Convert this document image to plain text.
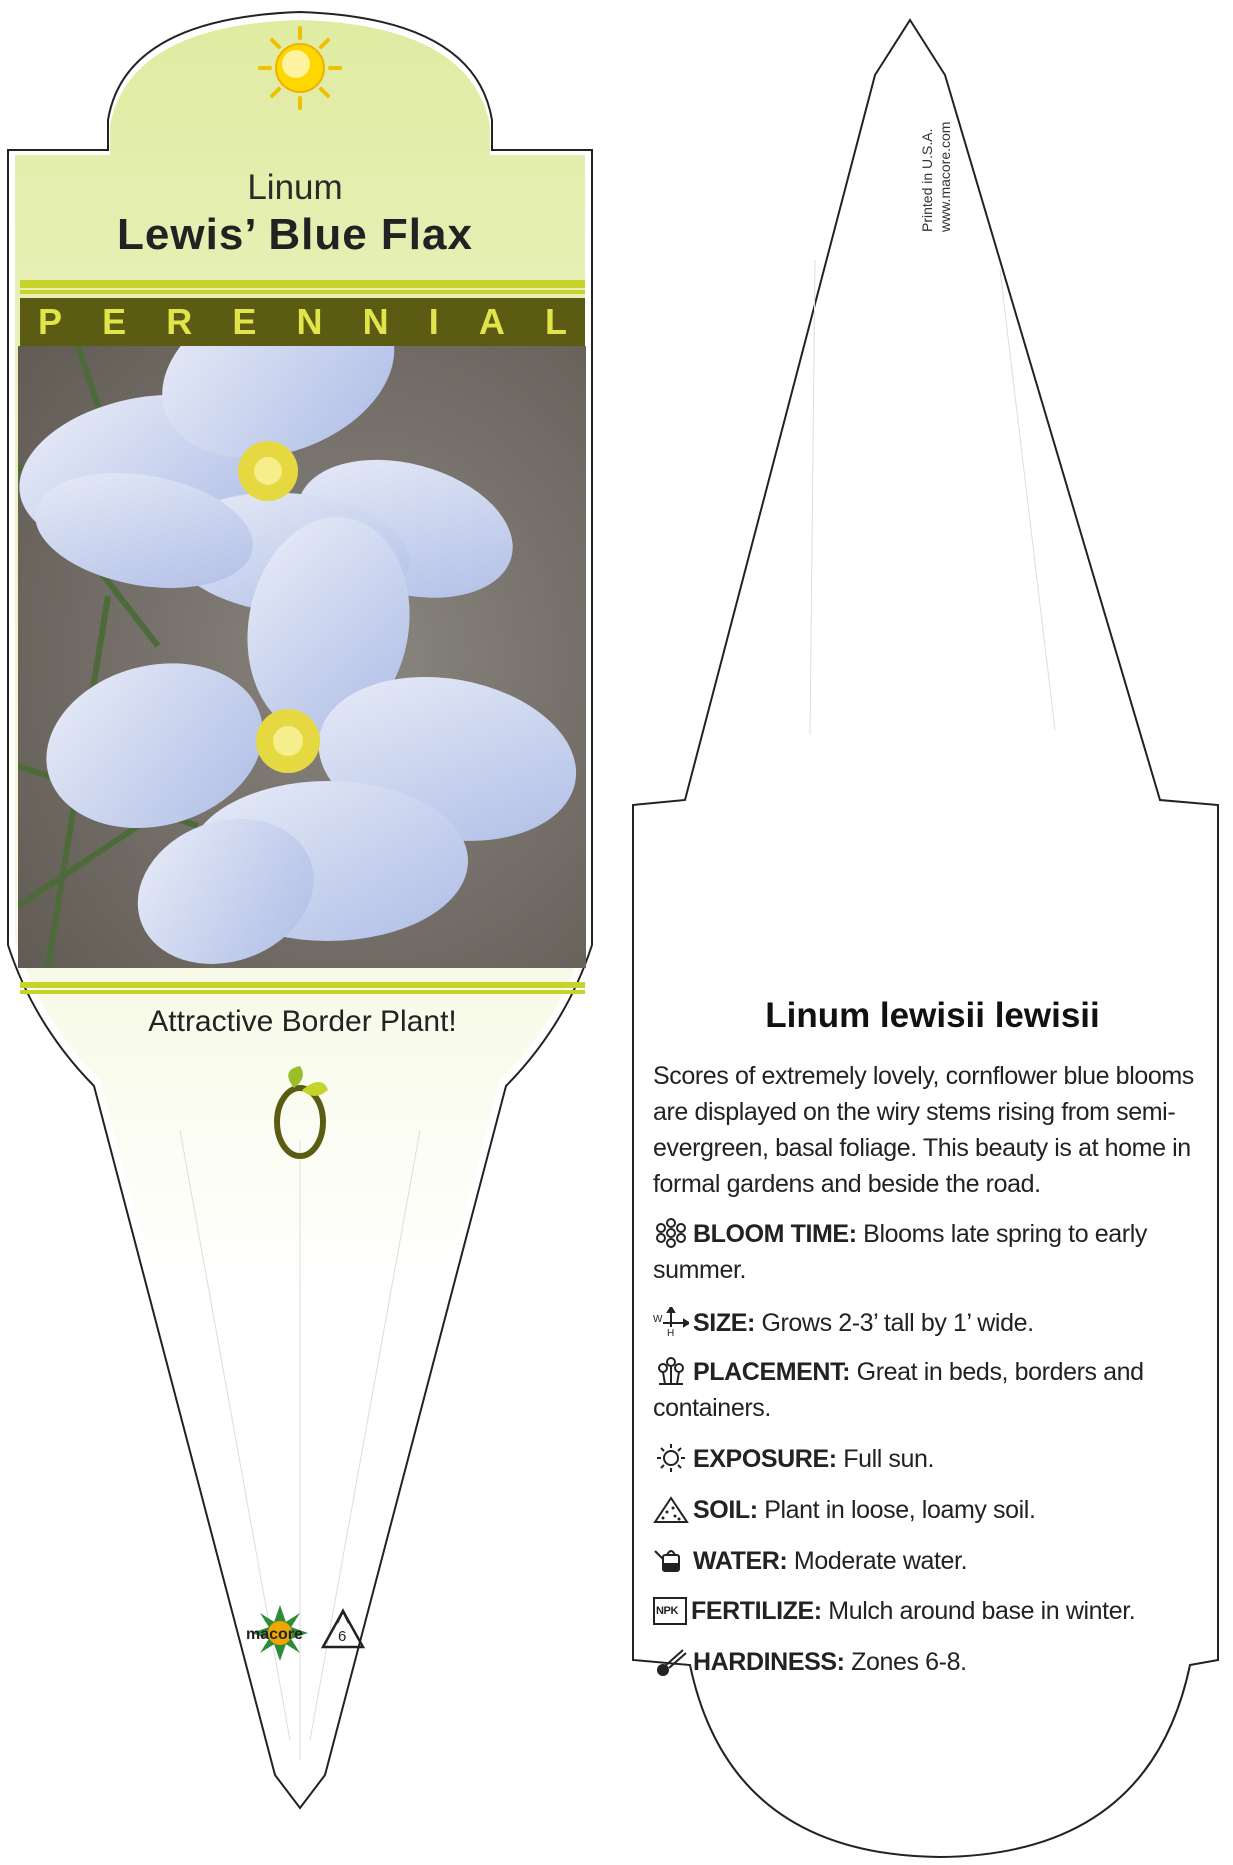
Linum
Lewis’ Blue Flax
P E R E N N I A L
Attractive Border Plant!
macore 6
Printed in U.S.A. www.macore.com
Linum lewisii lewisii
Scores of extremely lovely, cornflower blue blooms are displayed on the wiry stems rising from semi-evergreen, basal foliage. This beauty is at home in formal gardens and beside the road.
BLOOM TIME: Blooms late spring to early summer.
W
H SIZE: Grows 2-3’ tall by 1’ wide.
PLACEMENT: Great in beds, borders and containers.
EXPOSURE: Full sun.
SOIL: Plant in loose, loamy soil.
WATER: Moderate water.
NPK FERTILIZE: Mulch around base in winter.
HARDINESS: Zones 6-8.
